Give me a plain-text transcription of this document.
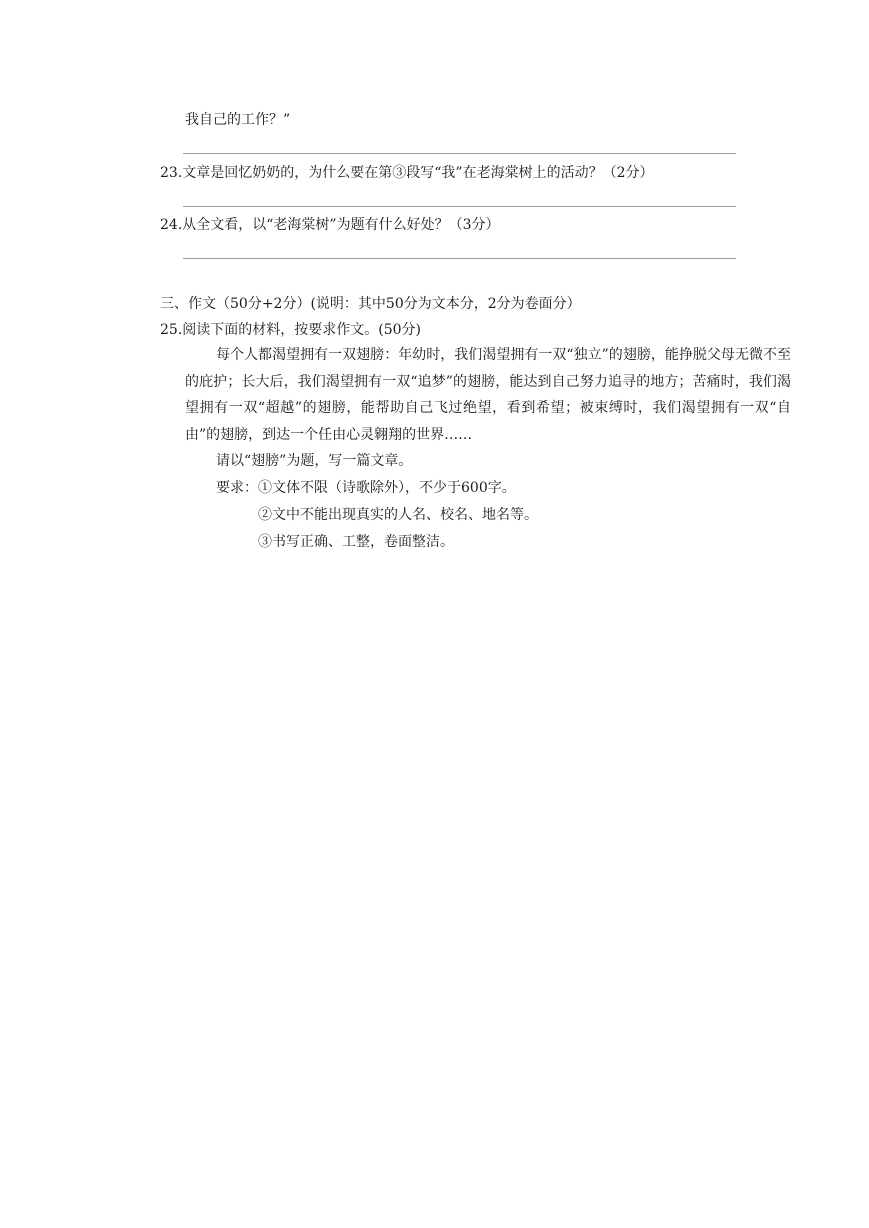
我自己的工作？”
23.文章是回忆奶奶的，为什么要在第③段写“我”在老海棠树上的活动？（2分）
24.从全文看，以“老海棠树”为题有什么好处？（3分）
三、作文（50分+2分）(说明：其中50分为文本分，2分为卷面分）
25.阅读下面的材料，按要求作文。(50分)
每个人都渴望拥有一双翅膀：年幼时，我们渴望拥有一双“独立”的翅膀，能挣脱父母无微不至的庇护；长大后，我们渴望拥有一双“追梦”的翅膀，能达到自己努力追寻的地方；苦痛时，我们渴望拥有一双“超越”的翅膀，能帮助自己飞过绝望，看到希望；被束缚时，我们渴望拥有一双“自由”的翅膀，到达一个任由心灵翱翔的世界……
请以“翅膀”为题，写一篇文章。
要求： ①文体不限（诗歌除外），不少于600字。
②文中不能出现真实的人名、校名、地名等。
③书写正确、工整，卷面整洁。
